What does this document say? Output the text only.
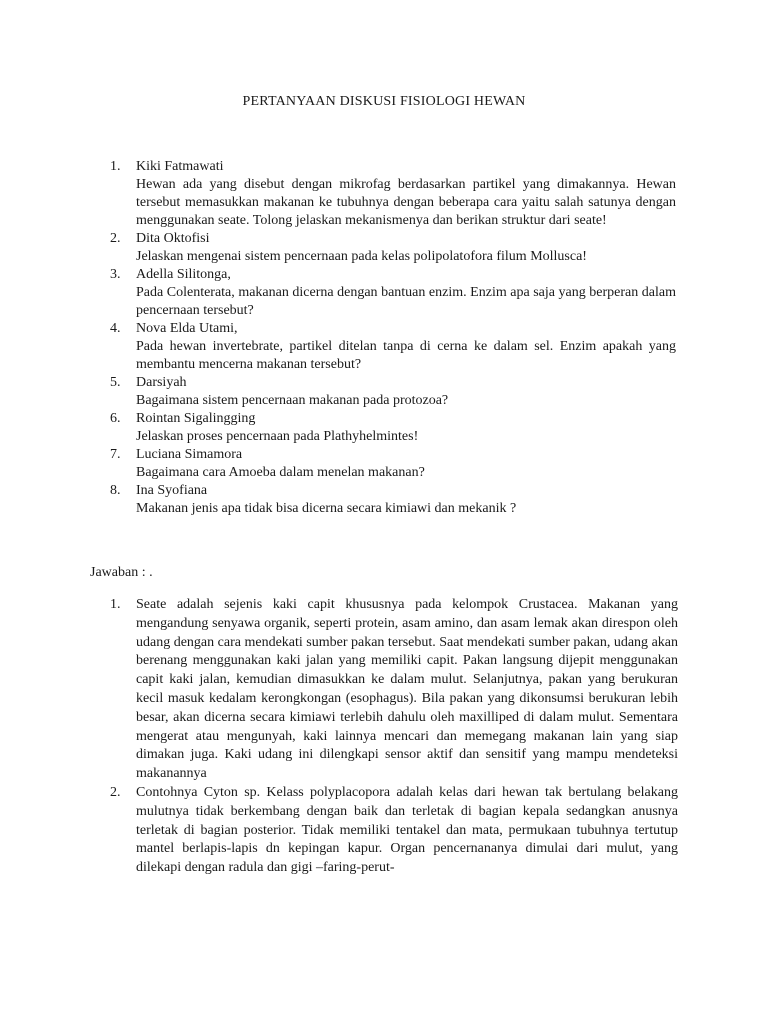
PERTANYAAN DISKUSI FISIOLOGI HEWAN
1.	Kiki Fatmawati
Hewan ada yang disebut dengan mikrofag berdasarkan partikel yang dimakannya. Hewan tersebut memasukkan makanan ke tubuhnya dengan beberapa cara yaitu salah satunya dengan menggunakan seate. Tolong jelaskan mekanismenya dan berikan struktur dari seate!
2.	Dita Oktofisi
Jelaskan mengenai sistem pencernaan pada kelas polipolatofora filum Mollusca!
3.	Adella Silitonga,
Pada Colenterata, makanan dicerna dengan bantuan enzim. Enzim apa saja yang berperan dalam pencernaan tersebut?
4.	Nova Elda Utami,
Pada hewan invertebrate, partikel ditelan tanpa di cerna ke dalam sel. Enzim apakah yang membantu mencerna makanan tersebut?
5.	Darsiyah
Bagaimana sistem pencernaan makanan pada protozoa?
6.	Rointan Sigalingging
Jelaskan proses pencernaan pada Plathyhelmintes!
7.	Luciana Simamora
Bagaimana cara Amoeba dalam menelan makanan?
8.	Ina Syofiana
Makanan jenis apa tidak bisa dicerna secara kimiawi dan mekanik ?
Jawaban : .
1.	Seate adalah sejenis kaki capit khususnya pada kelompok Crustacea. Makanan yang mengandung senyawa organik, seperti protein, asam amino, dan asam lemak akan direspon oleh udang dengan cara mendekati sumber pakan tersebut. Saat mendekati sumber pakan, udang akan berenang menggunakan kaki jalan yang memiliki capit. Pakan langsung dijepit menggunakan capit kaki jalan, kemudian dimasukkan ke dalam mulut. Selanjutnya, pakan yang berukuran kecil masuk kedalam kerongkongan (esophagus). Bila pakan yang dikonsumsi berukuran lebih besar, akan dicerna secara kimiawi terlebih dahulu oleh maxilliped di dalam mulut. Sementara mengerat atau mengunyah, kaki lainnya mencari dan memegang makanan lain yang siap dimakan juga. Kaki udang ini dilengkapi sensor aktif dan sensitif yang mampu mendeteksi makanannya
2.	Contohnya Cyton sp. Kelass polyplacopora adalah kelas dari hewan tak bertulang belakang mulutnya tidak berkembang dengan baik dan terletak di bagian kepala sedangkan anusnya terletak di bagian posterior. Tidak memiliki tentakel dan mata, permukaan tubuhnya tertutup mantel berlapis-lapis dn kepingan kapur. Organ pencernananya dimulai dari mulut, yang dilekapi dengan radula dan gigi –faring-perut-
